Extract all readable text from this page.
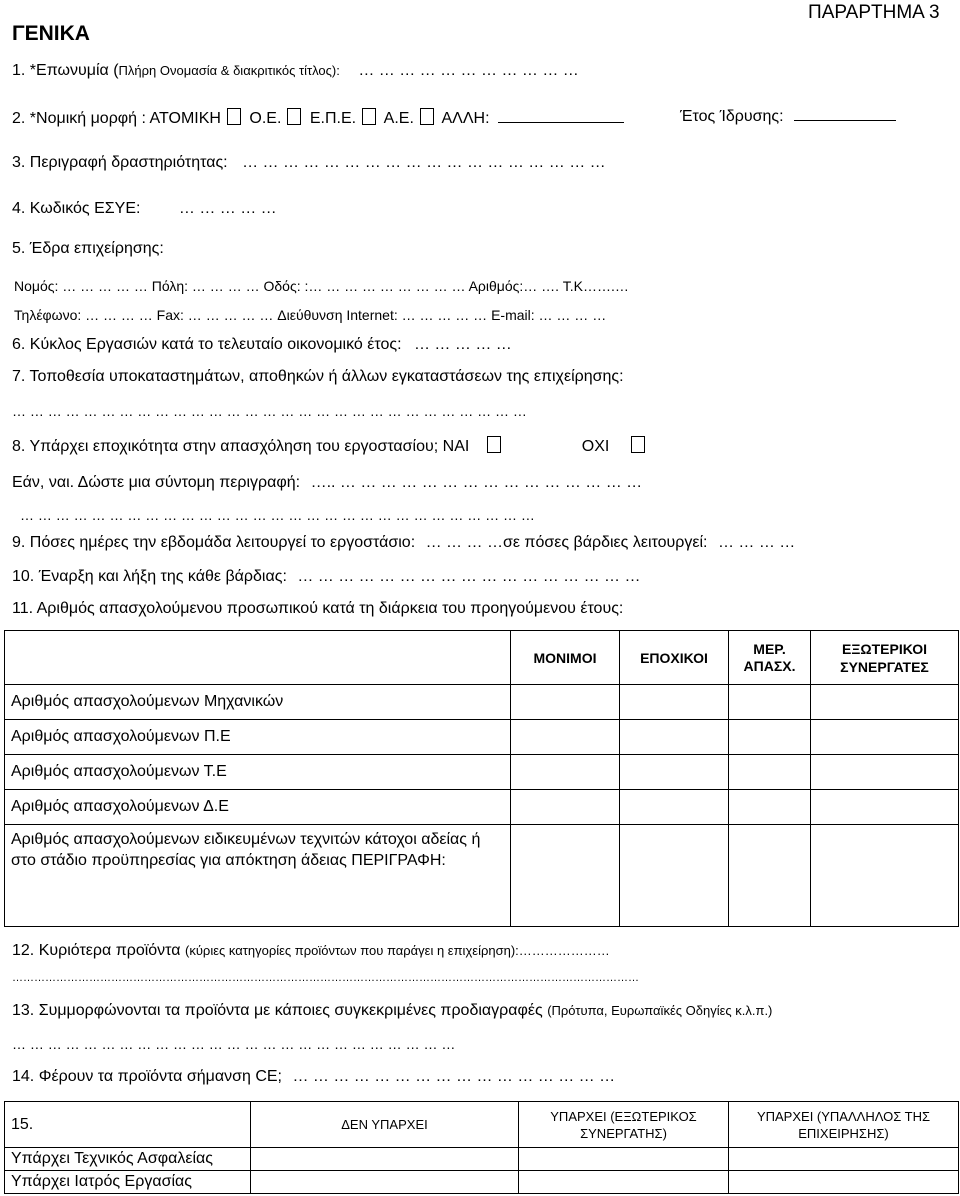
ΓΕΝΙΚΑ
ΠΑΡΑΡΤΗΜΑ 3
1. *Επωνυμία (Πλήρη Ονομασία & διακριτικός τίτλος): … … … … … … … … … … …
2. *Νομική μορφή : ΑΤΟΜΙΚΗ Ο.Ε. Ε.Π.Ε. Α.Ε. ΑΛΛΗ:	Έτος Ίδρυσης:
3. Περιγραφή δραστηριότητας: … … … … … … … … … … … … … … … … … …
4. Κωδικός ΕΣΥΕ: … … … … …
5. Έδρα επιχείρησης:
Νομός: … … … … … Πόλη: … … … … Οδός: :… … … … … … … … … Αριθμός:… …. Τ.Κ…….…
Τηλέφωνο: … … … … Fax: … … … … … Διεύθυνση Internet: … … … … … E-mail: … … … …
6. Κύκλος Εργασιών κατά το τελευταίο οικονομικό έτος: … … … … …
7. Τοποθεσία υποκαταστημάτων, αποθηκών ή άλλων εγκαταστάσεων της επιχείρησης:
… … … … … … … … … … … … … … … … … … … … … … … … … … … … …
8. Υπάρχει εποχικότητα στην απασχόληση του εργοστασίου; ΝΑΙ	ΟΧΙ
Εάν, ναι. Δώστε μια σύντομη περιγραφή: ….. … … … … … … … … … … … … … … …
… … … … … … … … … … … … … … … … … … … … … … … … … … … … …
9. Πόσες ημέρες την εβδομάδα λειτουργεί το εργοστάσιο: … … … …σε πόσες βάρδιες λειτουργεί: … … … …
10. Έναρξη και λήξη της κάθε βάρδιας: … … … … … … … … … … … … … … … … …
11. Αριθμός απασχολούμενου προσωπικού κατά τη διάρκεια του προηγούμενου έτους:
	ΜΟΝΙΜΟΙ	ΕΠΟΧΙΚΟΙ	ΜΕΡ. ΑΠΑΣΧ.	ΕΞΩΤΕΡΙΚΟΙ ΣΥΝΕΡΓΑΤΕΣ
Αριθμός απασχολούμενων Μηχανικών				
Αριθμός απασχολούμενων Π.Ε				
Αριθμός απασχολούμενων Τ.Ε				
Αριθμός απασχολούμενων Δ.Ε				
Αριθμός απασχολούμενων ειδικευμένων τεχνιτών κάτοχοι αδείας ή στο στάδιο προϋπηρεσίας για απόκτηση άδειας ΠΕΡΙΓΡΑΦΗ:				
12. Κυριότερα προϊόντα (κύριες κατηγορίες προϊόντων που παράγει η επιχείρηση):…………………
………………………………………………………………………………………………………………………………………………………
13. Συμμορφώνονται τα προϊόντα με κάποιες συγκεκριμένες προδιαγραφές (Πρότυπα, Ευρωπαϊκές Οδηγίες κ.λ.π.)
… … … … … … … … … … … … … … … … … … … … … … … … …
14. Φέρουν τα προϊόντα σήμανση CE; … … … … … … … … … … … … … … … …
15.	ΔΕΝ ΥΠΑΡΧΕΙ	ΥΠΑΡΧΕΙ (ΕΞΩΤΕΡΙΚΟΣ ΣΥΝΕΡΓΑΤΗΣ)	ΥΠΑΡΧΕΙ (ΥΠΑΛΛΗΛΟΣ ΤΗΣ ΕΠΙΧΕΙΡΗΣΗΣ)
Υπάρχει Τεχνικός Ασφαλείας			
Υπάρχει Ιατρός Εργασίας			
